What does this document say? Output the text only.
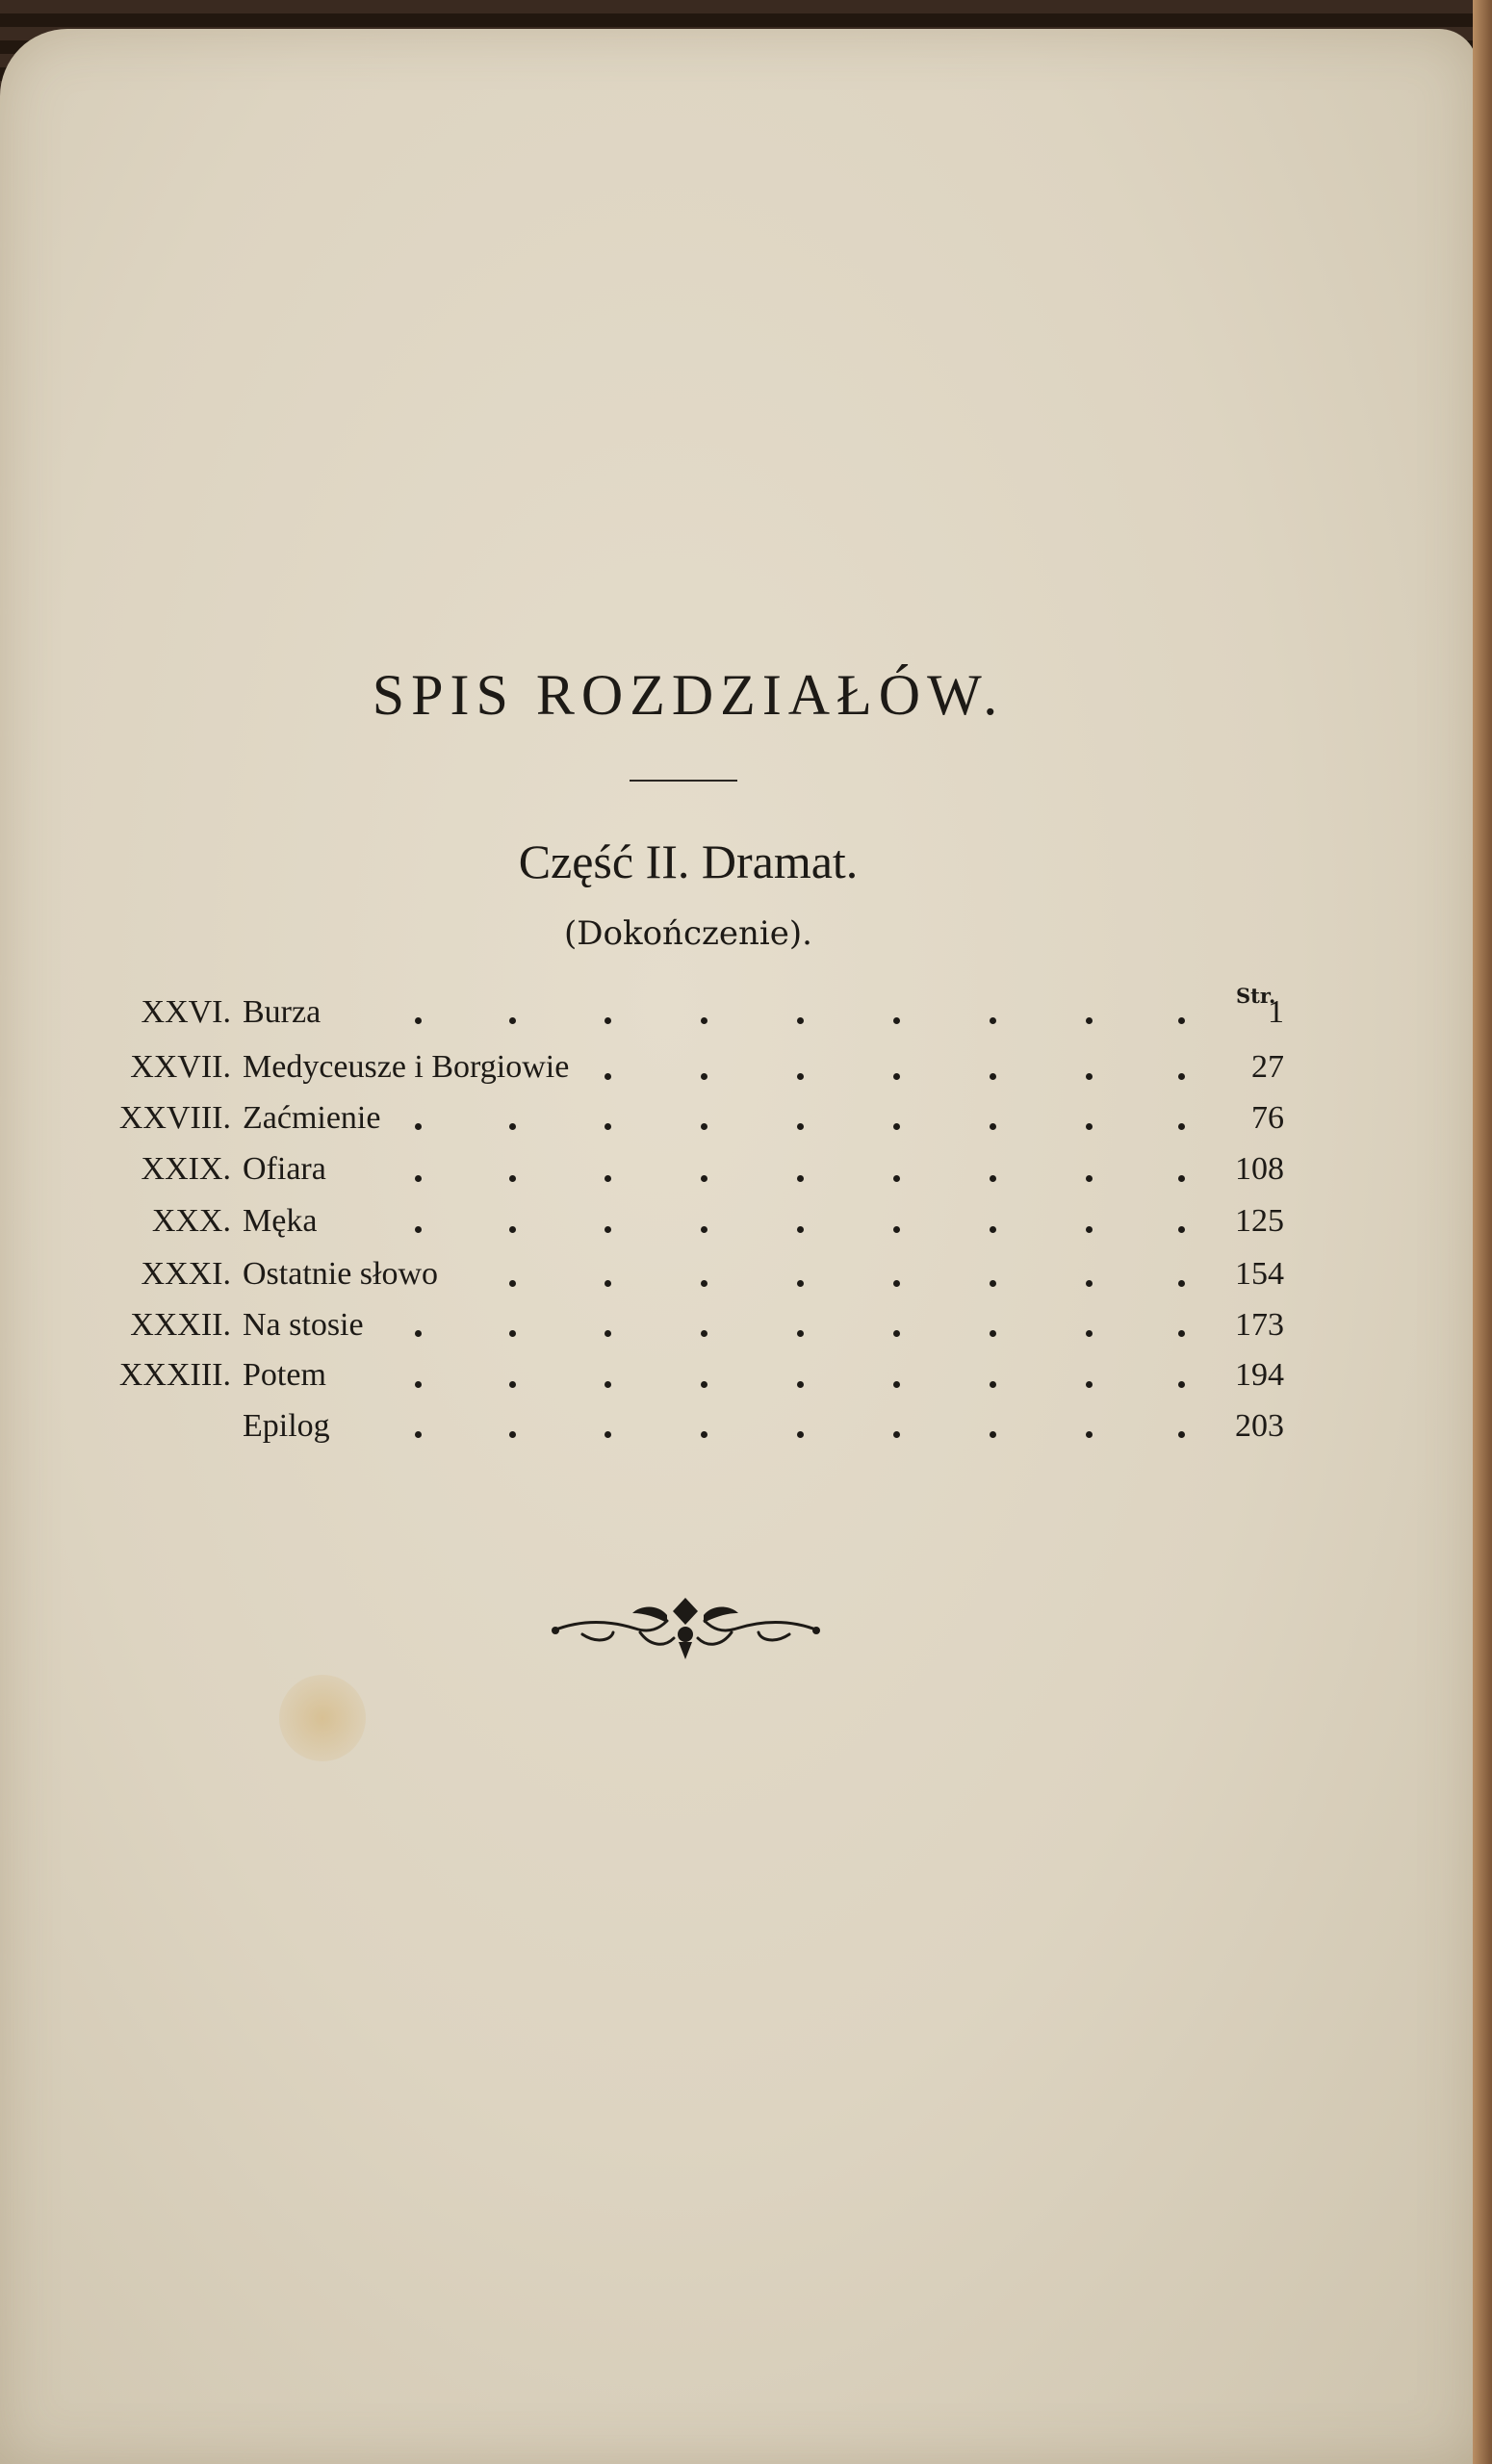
SPIS ROZDZIAŁÓW.
Część II. Dramat.
(Dokończenie).
Str.
XXVI. Burza	1
XXVII. Medyceusze i Borgiowie	27
XXVIII. Zaćmienie	76
XXIX. Ofiara	108
XXX. Męka	125
XXXI. Ostatnie słowo	154
XXXII. Na stosie	173
XXXIII. Potem	194
Epilog	203
